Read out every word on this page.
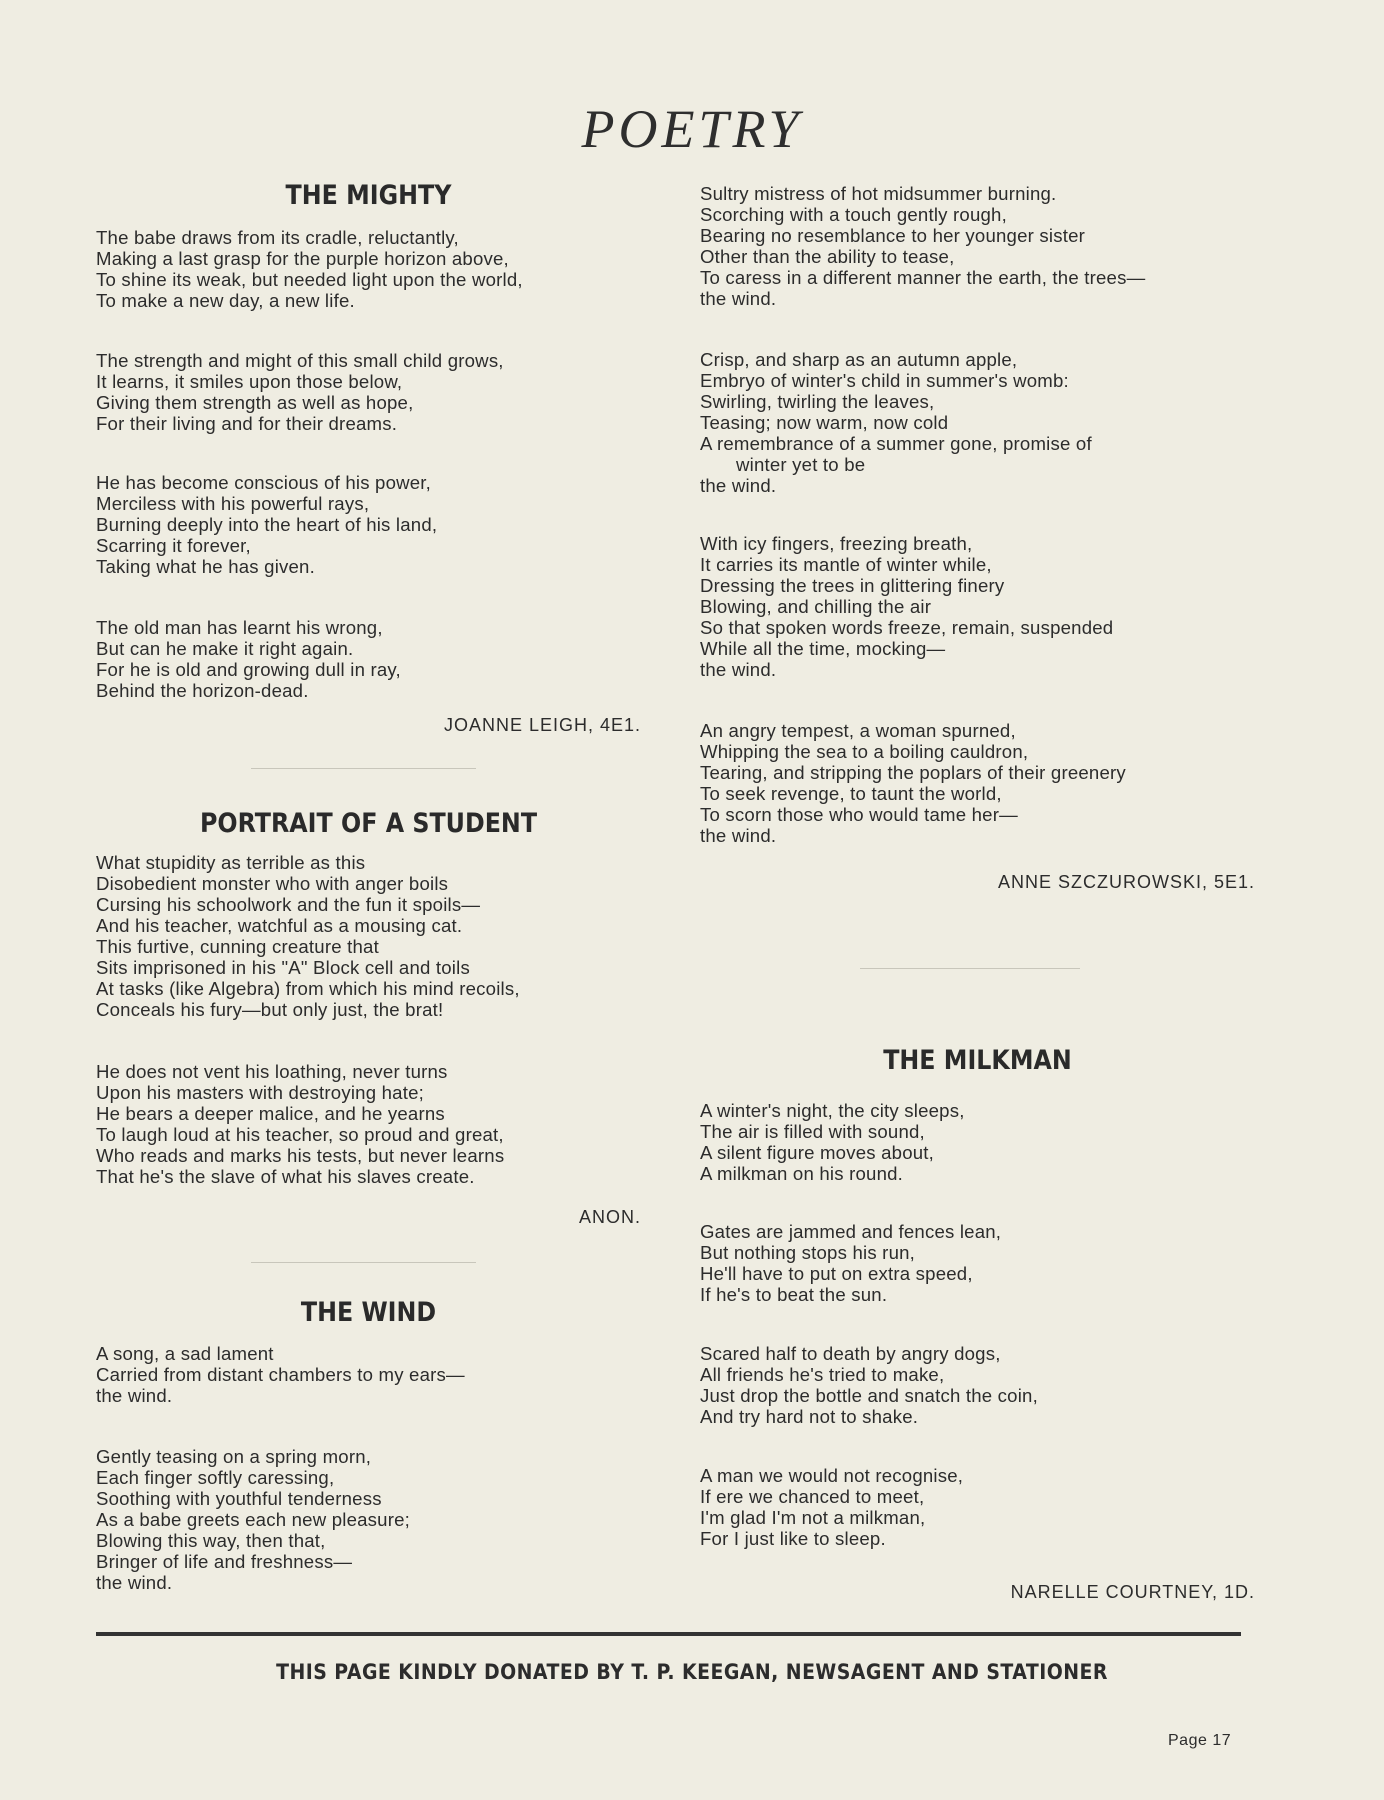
POETRY
THE MIGHTY
The babe draws from its cradle, reluctantly,
Making a last grasp for the purple horizon above,
To shine its weak, but needed light upon the world,
To make a new day, a new life.
The strength and might of this small child grows,
It learns, it smiles upon those below,
Giving them strength as well as hope,
For their living and for their dreams.
He has become conscious of his power,
Merciless with his powerful rays,
Burning deeply into the heart of his land,
Scarring it forever,
Taking what he has given.
The old man has learnt his wrong,
But can he make it right again.
For he is old and growing dull in ray,
Behind the horizon-dead.
JOANNE LEIGH, 4E1.
PORTRAIT OF A STUDENT
What stupidity as terrible as this
Disobedient monster who with anger boils
Cursing his schoolwork and the fun it spoils—
And his teacher, watchful as a mousing cat.
This furtive, cunning creature that
Sits imprisoned in his "A" Block cell and toils
At tasks (like Algebra) from which his mind recoils,
Conceals his fury—but only just, the brat!
He does not vent his loathing, never turns
Upon his masters with destroying hate;
He bears a deeper malice, and he yearns
To laugh loud at his teacher, so proud and great,
Who reads and marks his tests, but never learns
That he's the slave of what his slaves create.
ANON.
THE WIND
A song, a sad lament
Carried from distant chambers to my ears—
the wind.
Gently teasing on a spring morn,
Each finger softly caressing,
Soothing with youthful tenderness
As a babe greets each new pleasure;
Blowing this way, then that,
Bringer of life and freshness—
the wind.
Sultry mistress of hot midsummer burning.
Scorching with a touch gently rough,
Bearing no resemblance to her younger sister
Other than the ability to tease,
To caress in a different manner the earth, the trees—
the wind.
Crisp, and sharp as an autumn apple,
Embryo of winter's child in summer's womb:
Swirling, twirling the leaves,
Teasing; now warm, now cold
A remembrance of a summer gone, promise of
winter yet to be
the wind.
With icy fingers, freezing breath,
It carries its mantle of winter while,
Dressing the trees in glittering finery
Blowing, and chilling the air
So that spoken words freeze, remain, suspended
While all the time, mocking—
the wind.
An angry tempest, a woman spurned,
Whipping the sea to a boiling cauldron,
Tearing, and stripping the poplars of their greenery
To seek revenge, to taunt the world,
To scorn those who would tame her—
the wind.
ANNE SZCZUROWSKI, 5E1.
THE MILKMAN
A winter's night, the city sleeps,
The air is filled with sound,
A silent figure moves about,
A milkman on his round.
Gates are jammed and fences lean,
But nothing stops his run,
He'll have to put on extra speed,
If he's to beat the sun.
Scared half to death by angry dogs,
All friends he's tried to make,
Just drop the bottle and snatch the coin,
And try hard not to shake.
A man we would not recognise,
If ere we chanced to meet,
I'm glad I'm not a milkman,
For I just like to sleep.
NARELLE COURTNEY, 1D.
THIS PAGE KINDLY DONATED BY T. P. KEEGAN, NEWSAGENT AND STATIONER
Page 17
